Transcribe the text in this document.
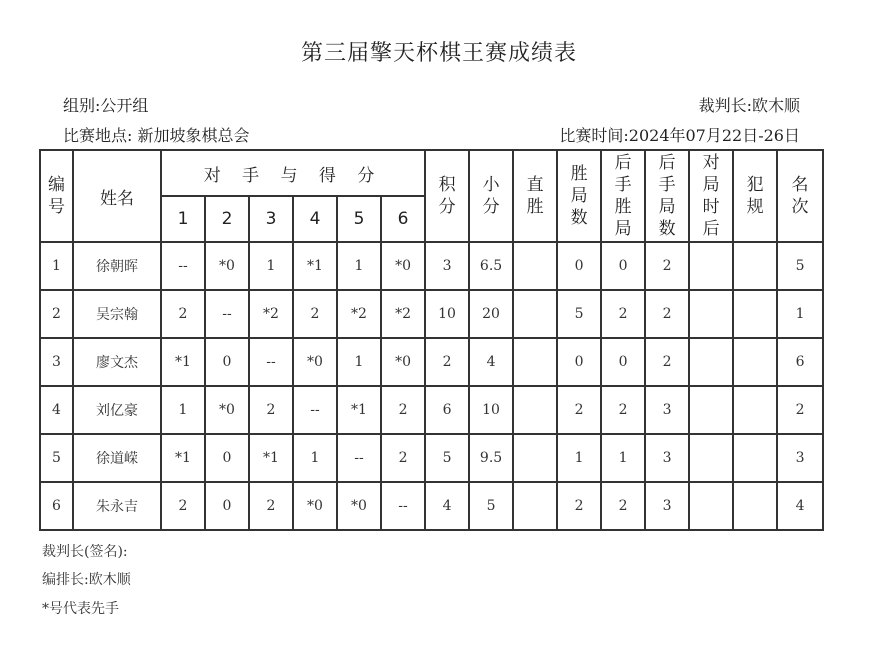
第三届擎天杯棋王赛成绩表
组别:公开组	裁判长:欧木顺
比赛地点: 新加坡象棋总会	比赛时间:2024年07月22日-26日
编号	姓名	对 手 与 得 分						积分	小分	直胜	胜局数	后手胜局	后手局数	对局时后	犯规	名次
		1	2	3	4	5	6									
1	徐朝晖	--	*0	1	*1	1	*0	3	6.5		0	0	2			5
2	吴宗翰	2	--	*2	2	*2	*2	10	20		5	2	2			1
3	廖文杰	*1	0	--	*0	1	*0	2	4		0	0	2			6
4	刘亿豪	1	*0	2	--	*1	2	6	10		2	2	3			2
5	徐道嵘	*1	0	*1	1	--	2	5	9.5		1	1	3			3
6	朱永吉	2	0	2	*0	*0	--	4	5		2	2	3			4
裁判长(签名):
编排长:欧木顺
*号代表先手
